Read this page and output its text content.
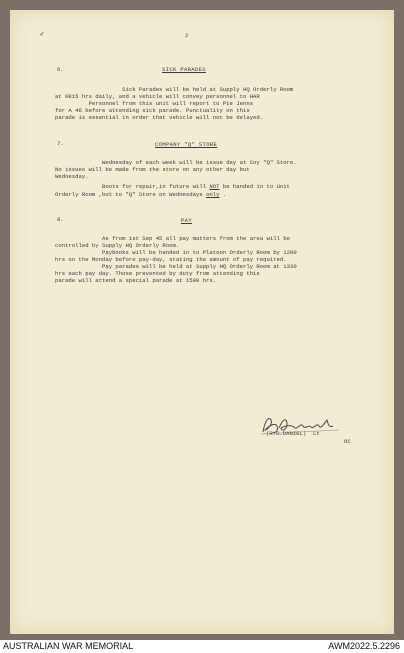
✓	2

6.	SICK PARADES

Sick Parades will be held at Supply HQ Orderly Room

at 0815 hrs daily, and a vehicle will convey personnel to HAR

Personnel from this unit will report to Pte Jenns

for A 46 before attending sick parade. Punctuality on this

parade is essential in order that vehicle will not be delayed.

7.	COMPANY "Q" STORE

Wednesday of each week will be issue day at Coy "Q" Store.

No issues will be made from the store on any other day but

Wednesday.

Boots for repair,in future will NOT be handed in to Unit

Orderly Room ,but to "Q" Store on Wednesdays only .

8.	PAY

As from 1st Sep 45 all pay matters from the area will be

controlled by Supply HQ Orderly Room.

Paybooks will be handed in to Platoon Orderly Room by 1200

hrs on the Monday before pay-day, stating the amount of pay required.

Pay parades will be held at Supply HQ Orderly Room at 1330

hrs each pay day. Those prevented by duty from attending this

parade will attend a special parade at 1500 hrs.

(R.S.DANIEL)  Lt

OC

AUSTRALIAN WAR MEMORIAL	AWM2022.5.2296
